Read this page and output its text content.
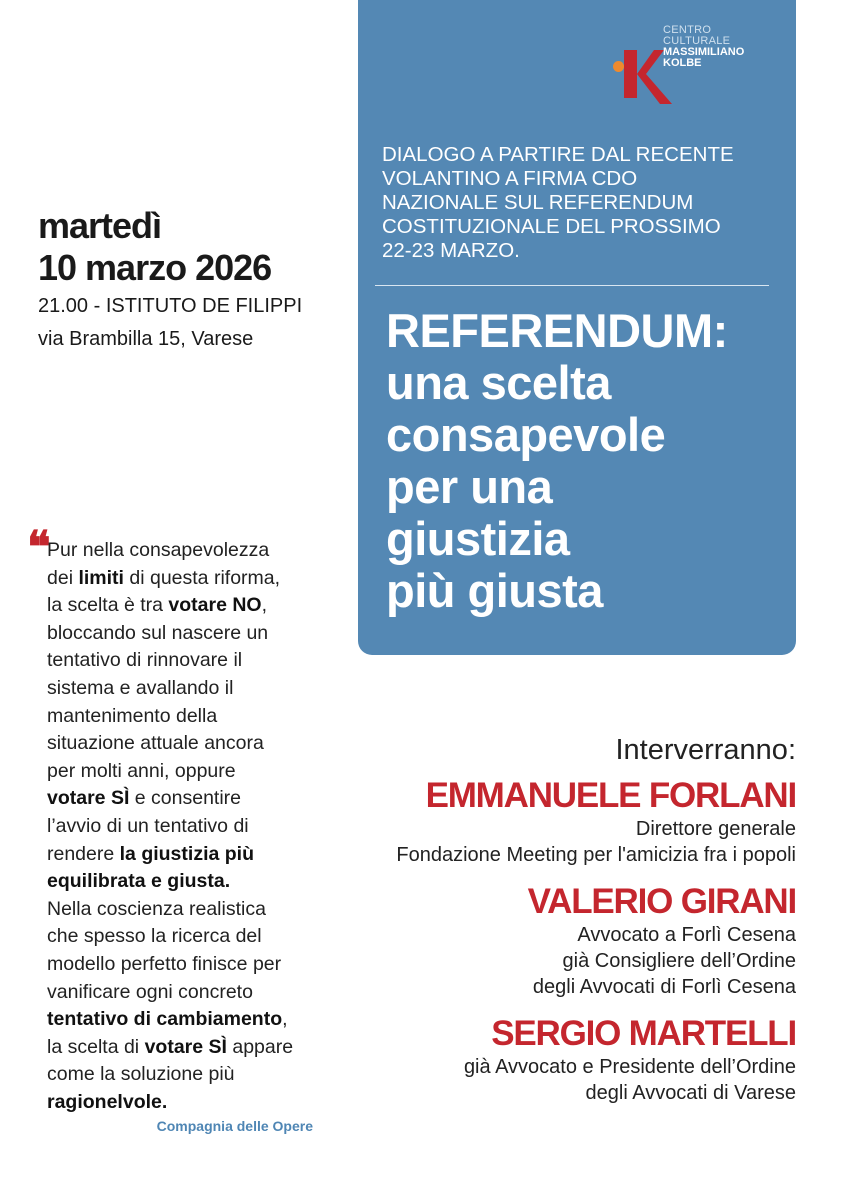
CENTRO
CULTURALE
MASSIMILIANO
KOLBE
DIALOGO A PARTIRE DAL RECENTE
VOLANTINO A FIRMA CDO
NAZIONALE SUL REFERENDUM
COSTITUZIONALE DEL PROSSIMO
22-23 MARZO.
REFERENDUM:
una scelta
consapevole
per una
giustizia
più giusta
martedì
10 marzo 2026
21.00 - ISTITUTO DE FILIPPI
via Brambilla 15, Varese
❝
Pur nella consapevolezza
dei limiti di questa riforma,
la scelta è tra votare NO,
bloccando sul nascere un
tentativo di rinnovare il
sistema e avallando il
mantenimento della
situazione attuale ancora
per molti anni, oppure
votare SÌ e consentire
l’avvio di un tentativo di
rendere la giustizia più
equilibrata e giusta.
Nella coscienza realistica
che spesso la ricerca del
modello perfetto finisce per
vanificare ogni concreto
tentativo di cambiamento,
la scelta di votare SÌ appare
come la soluzione più
ragionelvole.
Compagnia delle Opere
Interverranno:
EMMANUELE FORLANI
Direttore generale
Fondazione Meeting per l'amicizia fra i popoli
VALERIO GIRANI
Avvocato a Forlì Cesena
già Consigliere dell’Ordine
degli Avvocati di Forlì Cesena
SERGIO MARTELLI
già Avvocato e Presidente dell’Ordine
degli Avvocati di Varese
